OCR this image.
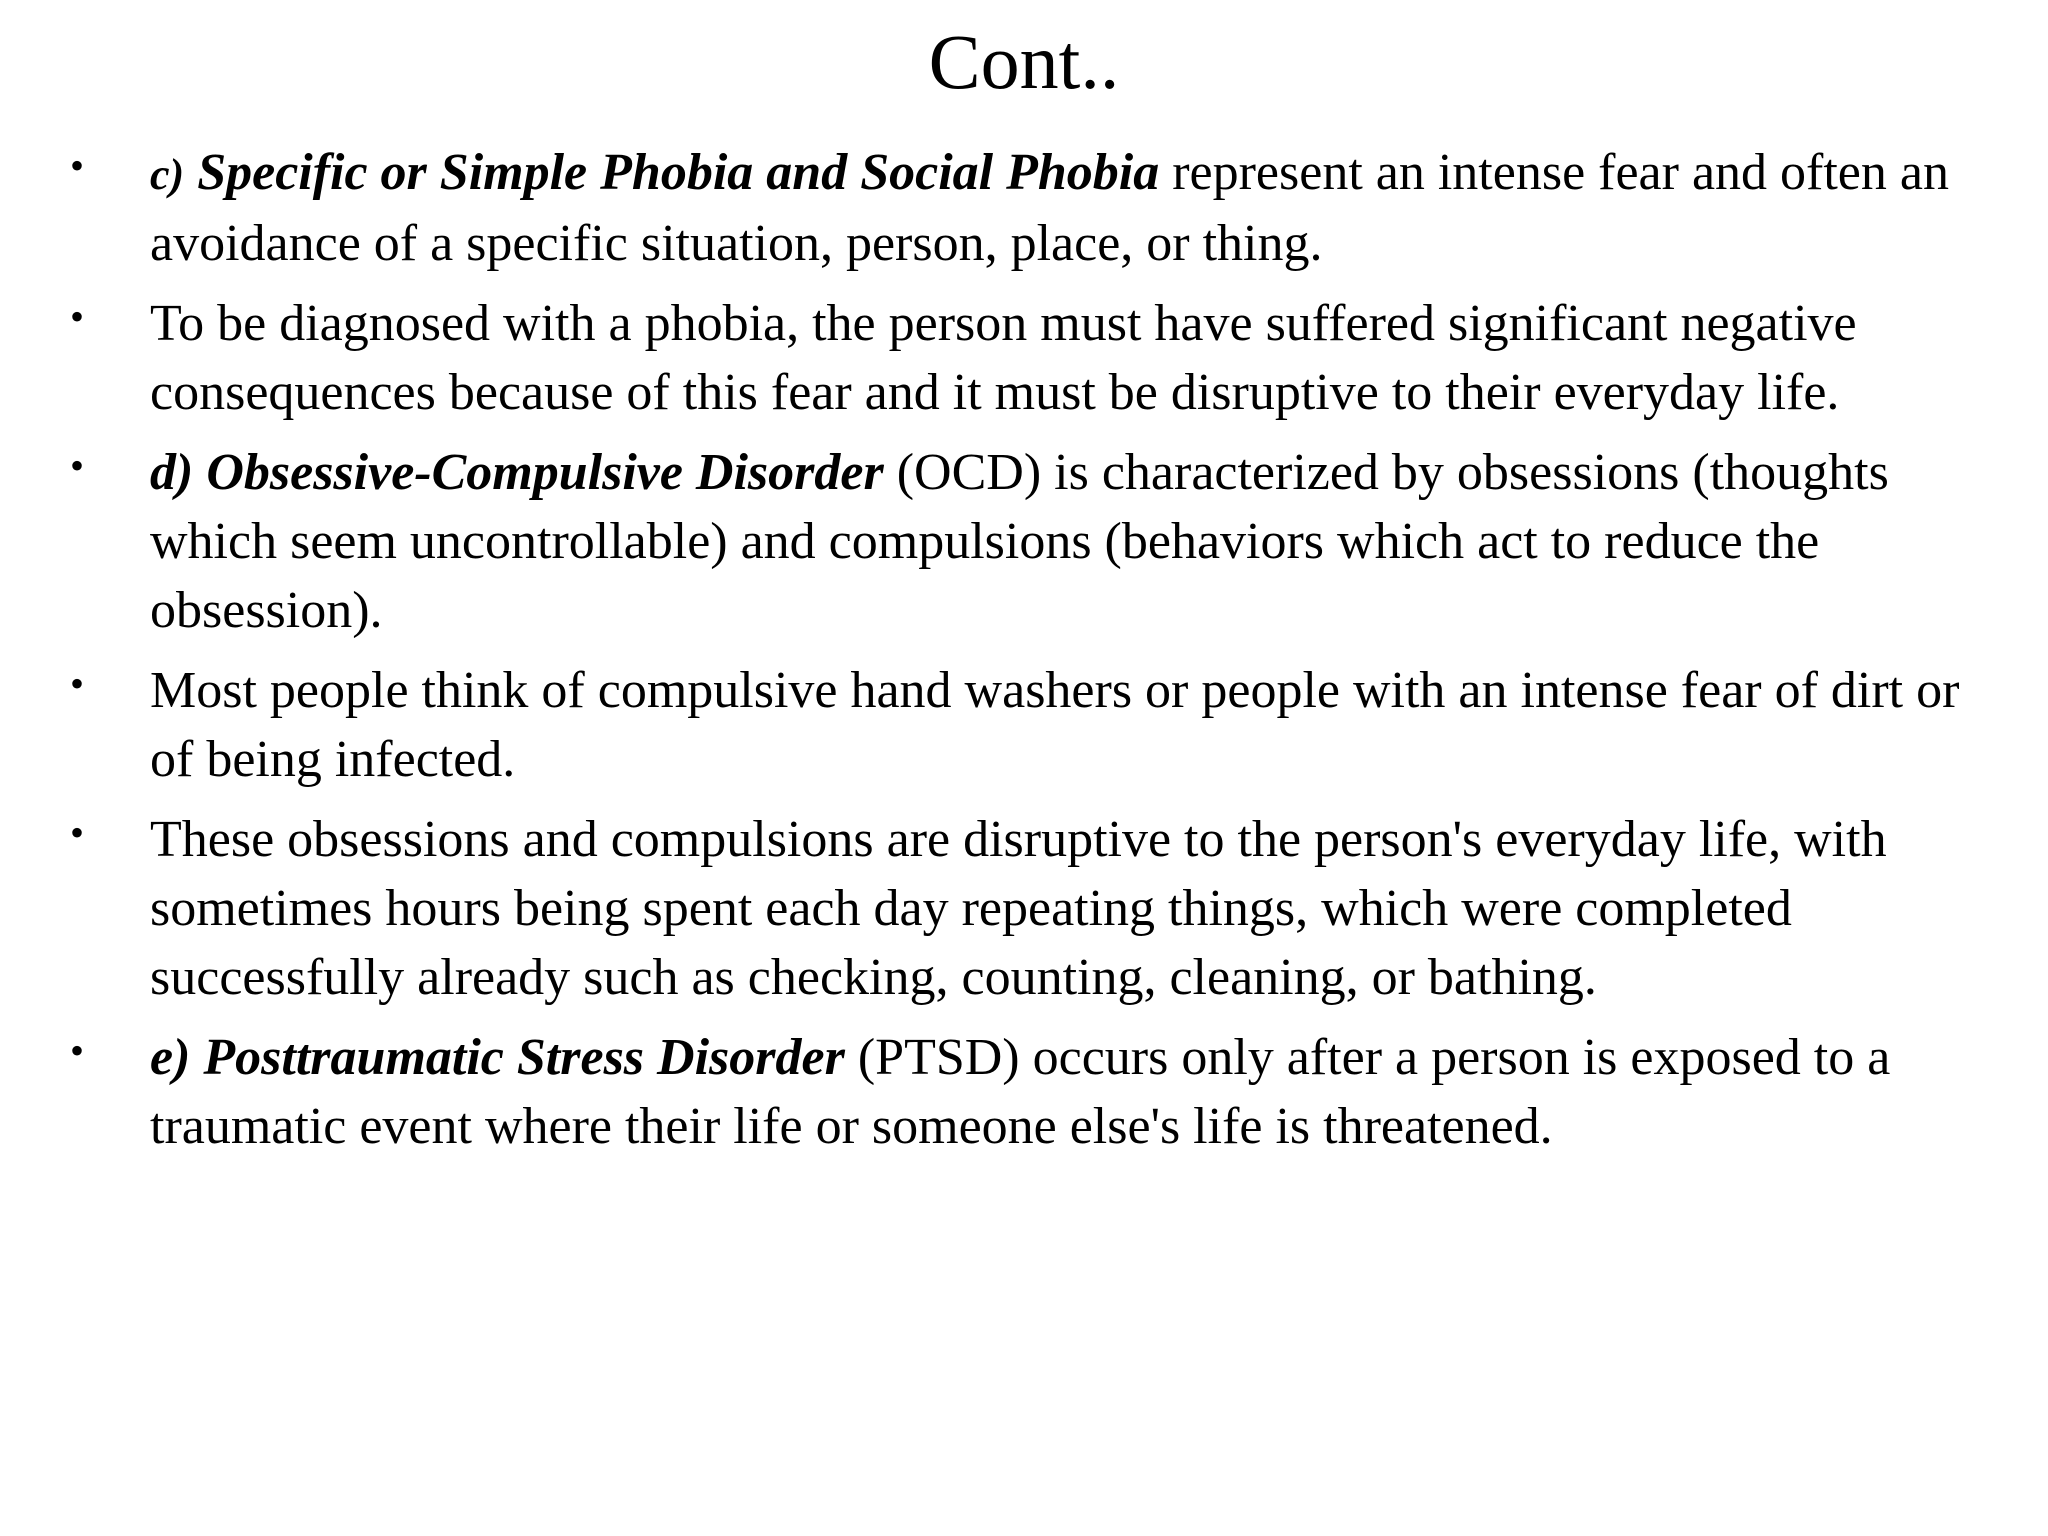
Cont..
•	c) Specific or Simple Phobia and Social Phobia represent an intense fear and often an avoidance of a specific situation, person, place, or thing.
•	To be diagnosed with a phobia, the person must have suffered significant negative consequences because of this fear and it must be disruptive to their everyday life.
•	d) Obsessive-Compulsive Disorder (OCD) is characterized by obsessions (thoughts which seem uncontrollable) and compulsions (behaviors which act to reduce the obsession).
•	Most people think of compulsive hand washers or people with an intense fear of dirt or of being infected.
•	These obsessions and compulsions are disruptive to the person's everyday life, with sometimes hours being spent each day repeating things, which were completed successfully already such as checking, counting, cleaning, or bathing.
•	e) Posttraumatic Stress Disorder (PTSD) occurs only after a person is exposed to a traumatic event where their life or someone else's life is threatened.
